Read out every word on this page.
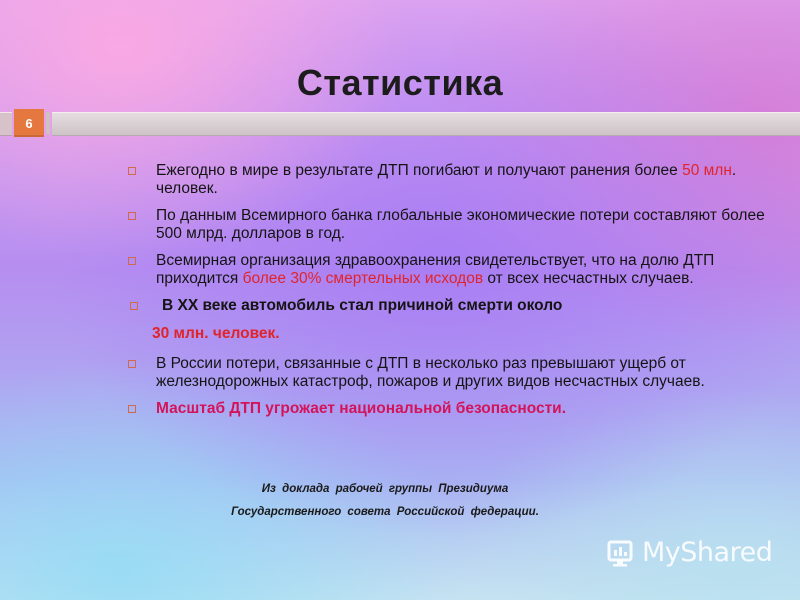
Статистика
6
Ежегодно в мире в результате ДТП погибают и получают ранения более 50 млн. человек.
По данным Всемирного банка глобальные экономические потери составляют более 500 млрд. долларов в год.
Всемирная организация здравоохранения свидетельствует, что на долю ДТП приходится более 30% смертельных исходов от всех несчастных случаев.
В XX веке автомобиль стал причиной смерти около
30 млн. человек.
В России потери, связанные с ДТП в несколько раз превышают ущерб от железнодорожных катастроф, пожаров и других видов несчастных случаев.
Масштаб ДТП угрожает национальной безопасности.
Из доклада рабочей группы Президиума
Государственного совета Российской федерации.
MyShared
